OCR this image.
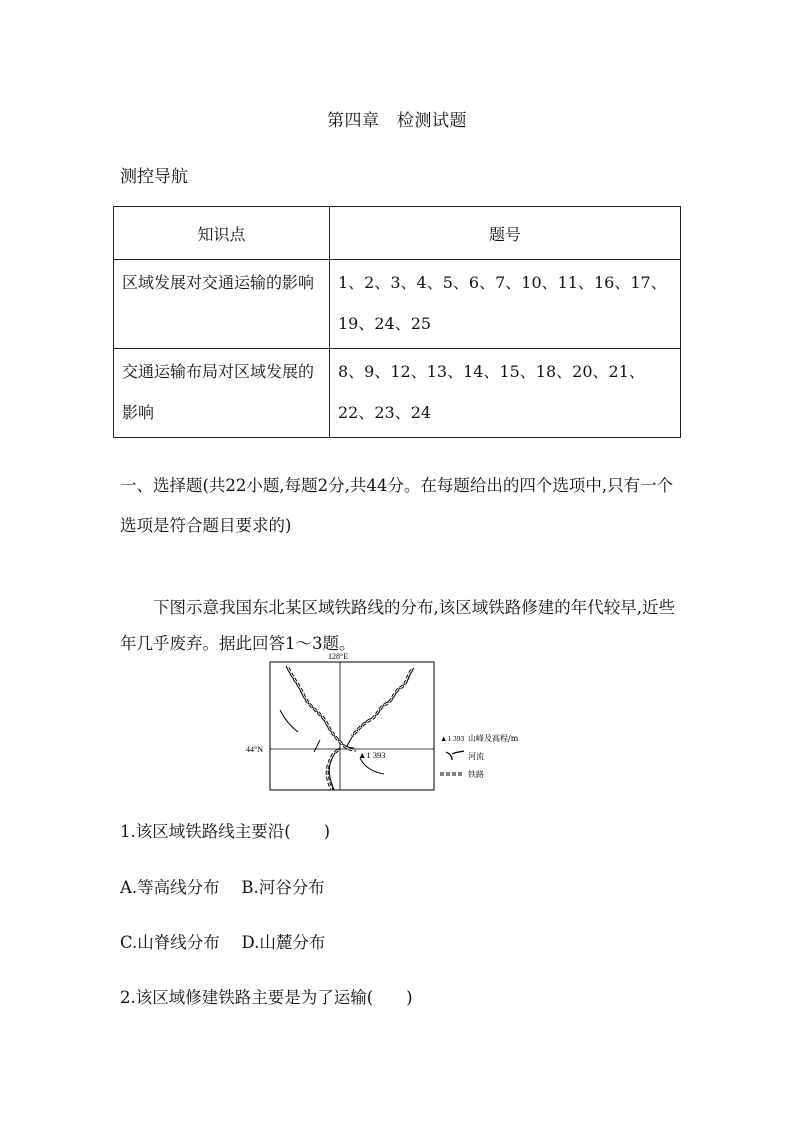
第四章　检测试题
测控导航
知识点	题号
区域发展对交通运输的影响	1、2、3、4、5、6、7、10、11、16、17、19、24、25
交通运输布局对区域发展的影响	8、9、12、13、14、15、18、20、21、22、23、24
一、选择题(共22小题,每题2分,共44分。在每题给出的四个选项中,只有一个选项是符合题目要求的)
下图示意我国东北某区域铁路线的分布,该区域铁路修建的年代较早,近些年几乎废弃。据此回答1～3题。
128°E
44°N
▲1 393
▲1 393 山峰及高程/m
河流
铁路
1.该区域铁路线主要沿(　　)
A.等高线分布　 B.河谷分布
C.山脊线分布　 D.山麓分布
2.该区域修建铁路主要是为了运输(　　)
